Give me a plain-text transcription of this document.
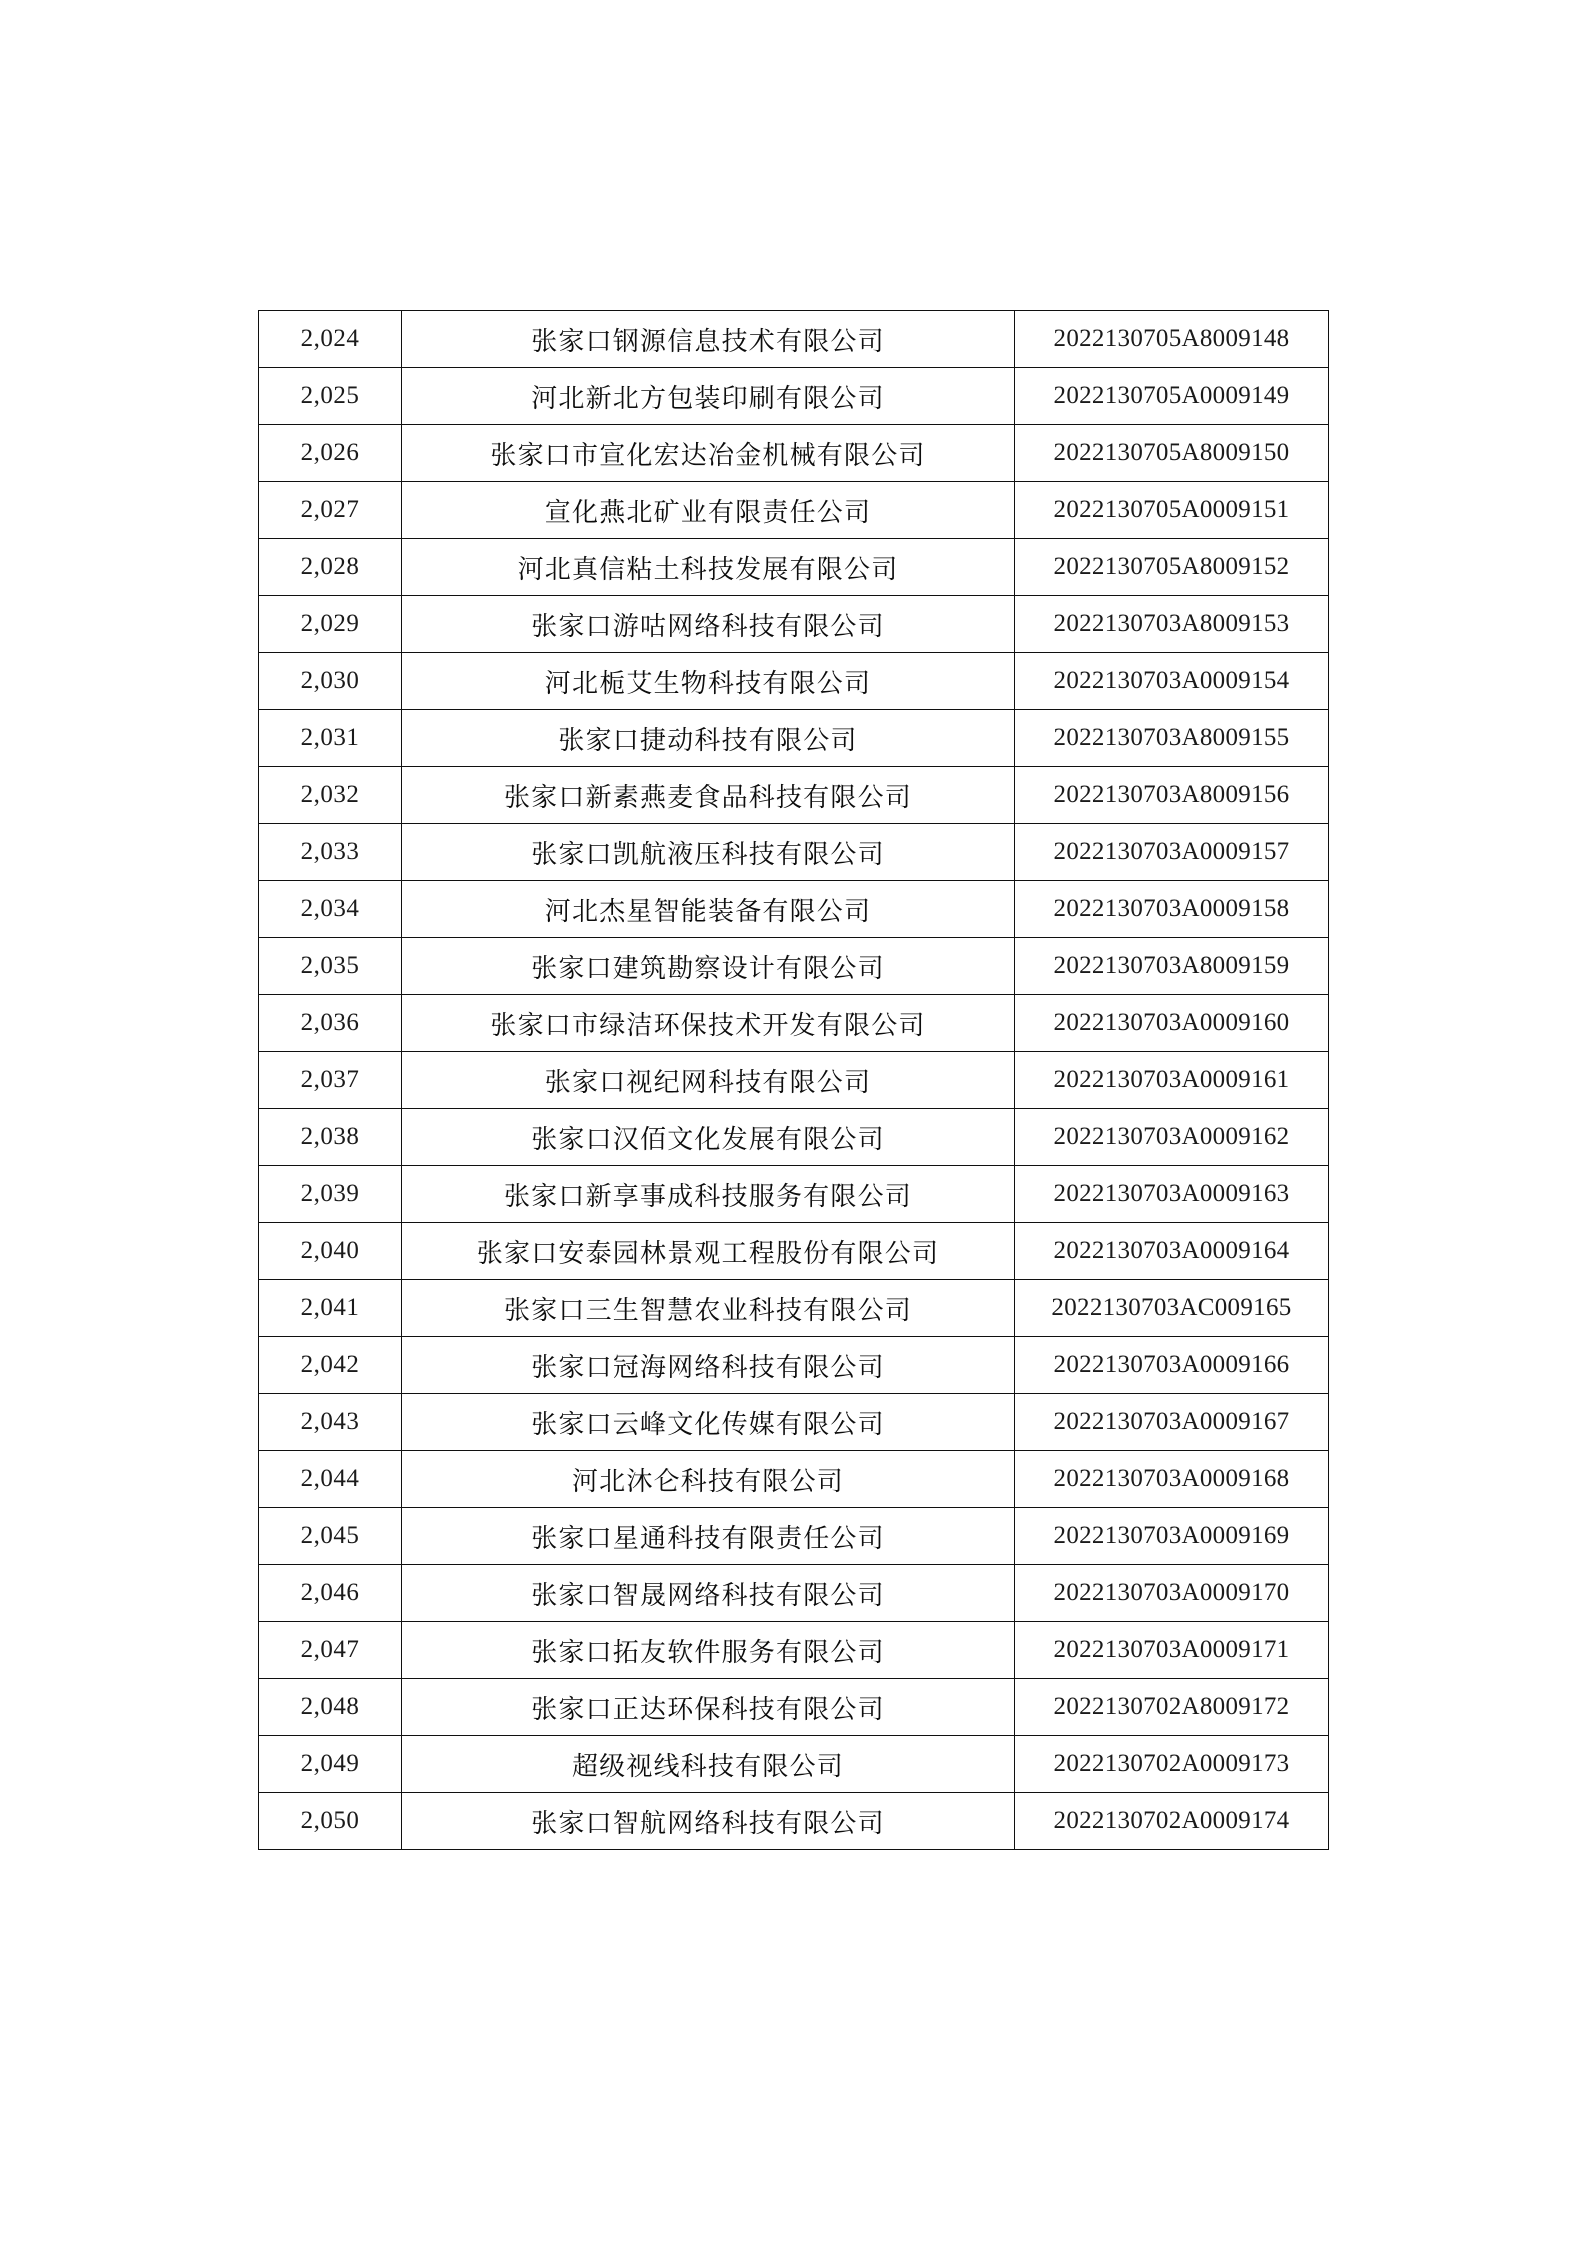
2,024	张家口钢源信息技术有限公司	2022130705A8009148
2,025	河北新北方包装印刷有限公司	2022130705A0009149
2,026	张家口市宣化宏达冶金机械有限公司	2022130705A8009150
2,027	宣化燕北矿业有限责任公司	2022130705A0009151
2,028	河北真信粘土科技发展有限公司	2022130705A8009152
2,029	张家口游咕网络科技有限公司	2022130703A8009153
2,030	河北栀艾生物科技有限公司	2022130703A0009154
2,031	张家口捷动科技有限公司	2022130703A8009155
2,032	张家口新素燕麦食品科技有限公司	2022130703A8009156
2,033	张家口凯航液压科技有限公司	2022130703A0009157
2,034	河北杰星智能装备有限公司	2022130703A0009158
2,035	张家口建筑勘察设计有限公司	2022130703A8009159
2,036	张家口市绿洁环保技术开发有限公司	2022130703A0009160
2,037	张家口视纪网科技有限公司	2022130703A0009161
2,038	张家口汉佰文化发展有限公司	2022130703A0009162
2,039	张家口新享事成科技服务有限公司	2022130703A0009163
2,040	张家口安泰园林景观工程股份有限公司	2022130703A0009164
2,041	张家口三生智慧农业科技有限公司	2022130703AC009165
2,042	张家口冠海网络科技有限公司	2022130703A0009166
2,043	张家口云峰文化传媒有限公司	2022130703A0009167
2,044	河北沐仑科技有限公司	2022130703A0009168
2,045	张家口星通科技有限责任公司	2022130703A0009169
2,046	张家口智晟网络科技有限公司	2022130703A0009170
2,047	张家口拓友软件服务有限公司	2022130703A0009171
2,048	张家口正达环保科技有限公司	2022130702A8009172
2,049	超级视线科技有限公司	2022130702A0009173
2,050	张家口智航网络科技有限公司	2022130702A0009174
